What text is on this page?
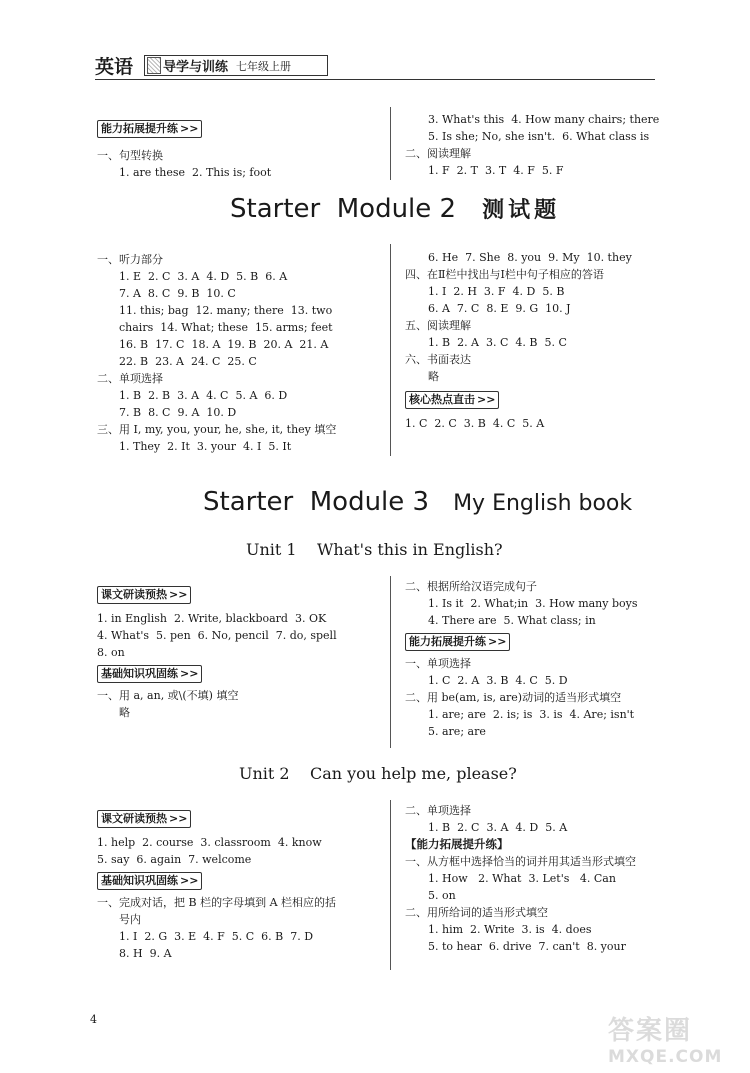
英语 导学与训练 七年级上册
能力拓展提升练 >>
一、句型转换
1. are these  2. This is; foot
3. What's this  4. How many chairs; there
5. Is she; No, she isn't.  6. What class is
二、阅读理解
1. F  2. T  3. T  4. F  5. F
Starter  Module 2 测试题
一、听力部分
1. E  2. C  3. A  4. D  5. B  6. A
7. A  8. C  9. B  10. C
11. this; bag  12. many; there  13. two
chairs  14. What; these  15. arms; feet
16. B  17. C  18. A  19. B  20. A  21. A
22. B  23. A  24. C  25. C
二、单项选择
1. B  2. B  3. A  4. C  5. A  6. D
7. B  8. C  9. A  10. D
三、用 I, my, you, your, he, she, it, they 填空
1. They  2. It  3. your  4. I  5. It
6. He  7. She  8. you  9. My  10. they
四、在Ⅱ栏中找出与Ⅰ栏中句子相应的答语
1. I  2. H  3. F  4. D  5. B
6. A  7. C  8. E  9. G  10. J
五、阅读理解
1. B  2. A  3. C  4. B  5. C
六、书面表达
略
核心热点直击 >>
1. C  2. C  3. B  4. C  5. A
Starter  Module 3 My English book
Unit 1    What's this in English?
课文研读预热 >>
1. in English  2. Write, blackboard  3. OK
4. What's  5. pen  6. No, pencil  7. do, spell
8. on
基础知识巩固练 >>
一、用 a, an, 或\(不填) 填空
略
二、根据所给汉语完成句子
1. Is it  2. What;in  3. How many boys
4. There are  5. What class; in
能力拓展提升练 >>
一、单项选择
1. C  2. A  3. B  4. C  5. D
二、用 be(am, is, are)动词的适当形式填空
1. are; are  2. is; is  3. is  4. Are; isn't
5. are; are
Unit 2    Can you help me, please?
课文研读预热 >>
1. help  2. course  3. classroom  4. know
5. say  6. again  7. welcome
基础知识巩固练 >>
一、完成对话，把 B 栏的字母填到 A 栏相应的括
号内
1. I  2. G  3. E  4. F  5. C  6. B  7. D
8. H  9. A
二、单项选择
1. B  2. C  3. A  4. D  5. A
【能力拓展提升练】
一、从方框中选择恰当的词并用其适当形式填空
1. How   2. What  3. Let's   4. Can
5. on
二、用所给词的适当形式填空
1. him  2. Write  3. is  4. does
5. to hear  6. drive  7. can't  8. your
4	答案圈
MXQE.COM
